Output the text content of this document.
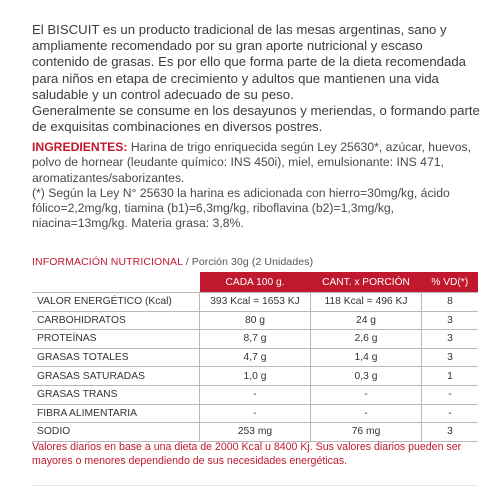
El BISCUIT es un producto tradicional de las mesas argentinas, sano y ampliamente recomendado por su gran aporte nutricional y escaso contenido de grasas. Es por ello que forma parte de la dieta recomendada para niños en etapa de crecimiento y adultos que mantienen una vida saludable y un control adecuado de su peso.

Generalmente se consume en los desayunos y meriendas, o formando parte de exquisitas combinaciones en diversos postres.

INGREDIENTES: Harina de trigo enriquecida según Ley 25630*, azúcar, huevos, polvo de hornear (leudante químico: INS 450i), miel, emulsionante: INS 471, aromatizantes/saborizantes.

(*) Según la Ley N° 25630 la harina es adicionada con hierro=30mg/kg, ácido fólico=2,2mg/kg, tiamina (b1)=6,3mg/kg, riboflavina (b2)=1,3mg/kg, niacina=13mg/kg. Materia grasa: 3,8%.

INFORMACIÓN NUTRICIONAL / Porción 30g (2 Unidades)
	CADA 100 g.	CANT. x PORCIÓN	% VD(*)
VALOR ENERGÉTICO (Kcal)	393 Kcal = 1653 KJ	118 Kcal = 496 KJ	8
CARBOHIDRATOS	80 g	24 g	3
PROTEÍNAS	8,7 g	2,6 g	3
GRASAS TOTALES	4,7 g	1,4 g	3
GRASAS SATURADAS	1,0 g	0,3 g	1
GRASAS TRANS	-	-	-
FIBRA ALIMENTARIA	-	-	-
SODIO	253 mg	76 mg	3
Valores diarios en base a una dieta de 2000 Kcal u 8400 Kj. Sus valores diarios pueden ser mayores o menores dependiendo de sus necesidades energéticas.
